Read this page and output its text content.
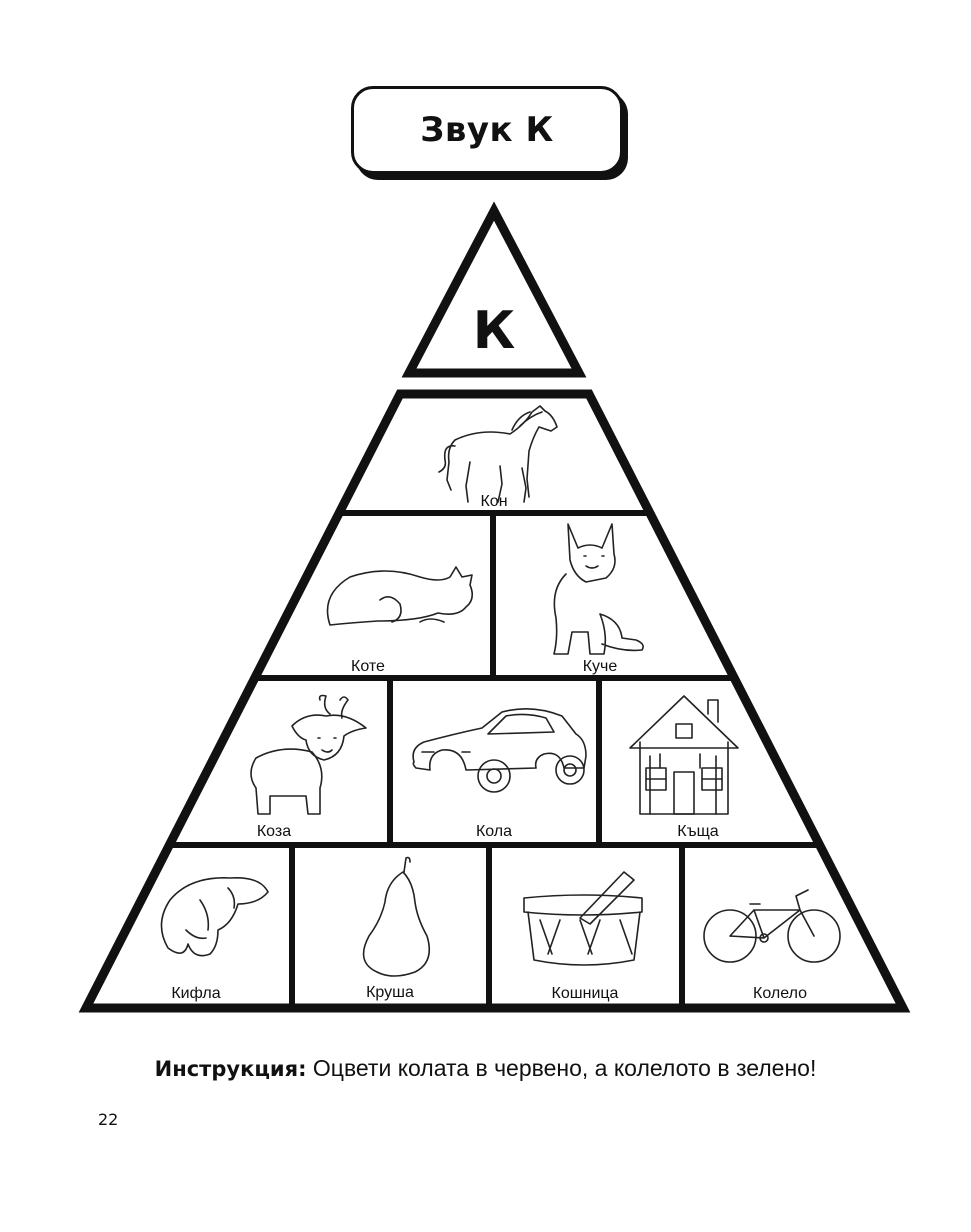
Звук К
К
Кон
Коте	Куче
Коза	Кола	Къща
Кифла	Круша	Кошница	Колело
Инструкция: Оцвети колата в червено, а колелото в зелено!
22
